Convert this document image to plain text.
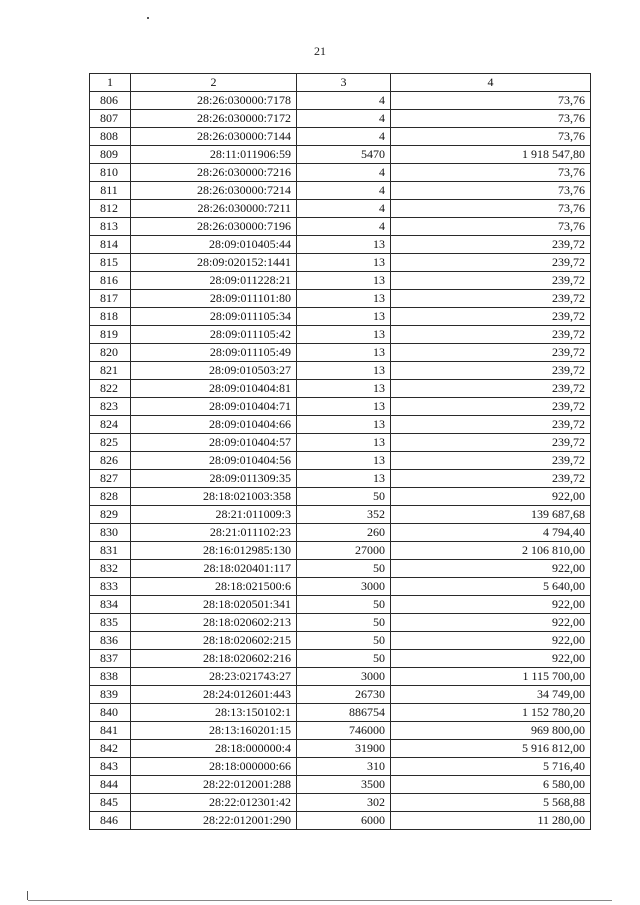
21
1	2	3	4
806	28:26:030000:7178	4	73,76
807	28:26:030000:7172	4	73,76
808	28:26:030000:7144	4	73,76
809	28:11:011906:59	5470	1 918 547,80
810	28:26:030000:7216	4	73,76
811	28:26:030000:7214	4	73,76
812	28:26:030000:7211	4	73,76
813	28:26:030000:7196	4	73,76
814	28:09:010405:44	13	239,72
815	28:09:020152:1441	13	239,72
816	28:09:011228:21	13	239,72
817	28:09:011101:80	13	239,72
818	28:09:011105:34	13	239,72
819	28:09:011105:42	13	239,72
820	28:09:011105:49	13	239,72
821	28:09:010503:27	13	239,72
822	28:09:010404:81	13	239,72
823	28:09:010404:71	13	239,72
824	28:09:010404:66	13	239,72
825	28:09:010404:57	13	239,72
826	28:09:010404:56	13	239,72
827	28:09:011309:35	13	239,72
828	28:18:021003:358	50	922,00
829	28:21:011009:3	352	139 687,68
830	28:21:011102:23	260	4 794,40
831	28:16:012985:130	27000	2 106 810,00
832	28:18:020401:117	50	922,00
833	28:18:021500:6	3000	5 640,00
834	28:18:020501:341	50	922,00
835	28:18:020602:213	50	922,00
836	28:18:020602:215	50	922,00
837	28:18:020602:216	50	922,00
838	28:23:021743:27	3000	1 115 700,00
839	28:24:012601:443	26730	34 749,00
840	28:13:150102:1	886754	1 152 780,20
841	28:13:160201:15	746000	969 800,00
842	28:18:000000:4	31900	5 916 812,00
843	28:18:000000:66	310	5 716,40
844	28:22:012001:288	3500	6 580,00
845	28:22:012301:42	302	5 568,88
846	28:22:012001:290	6000	11 280,00
